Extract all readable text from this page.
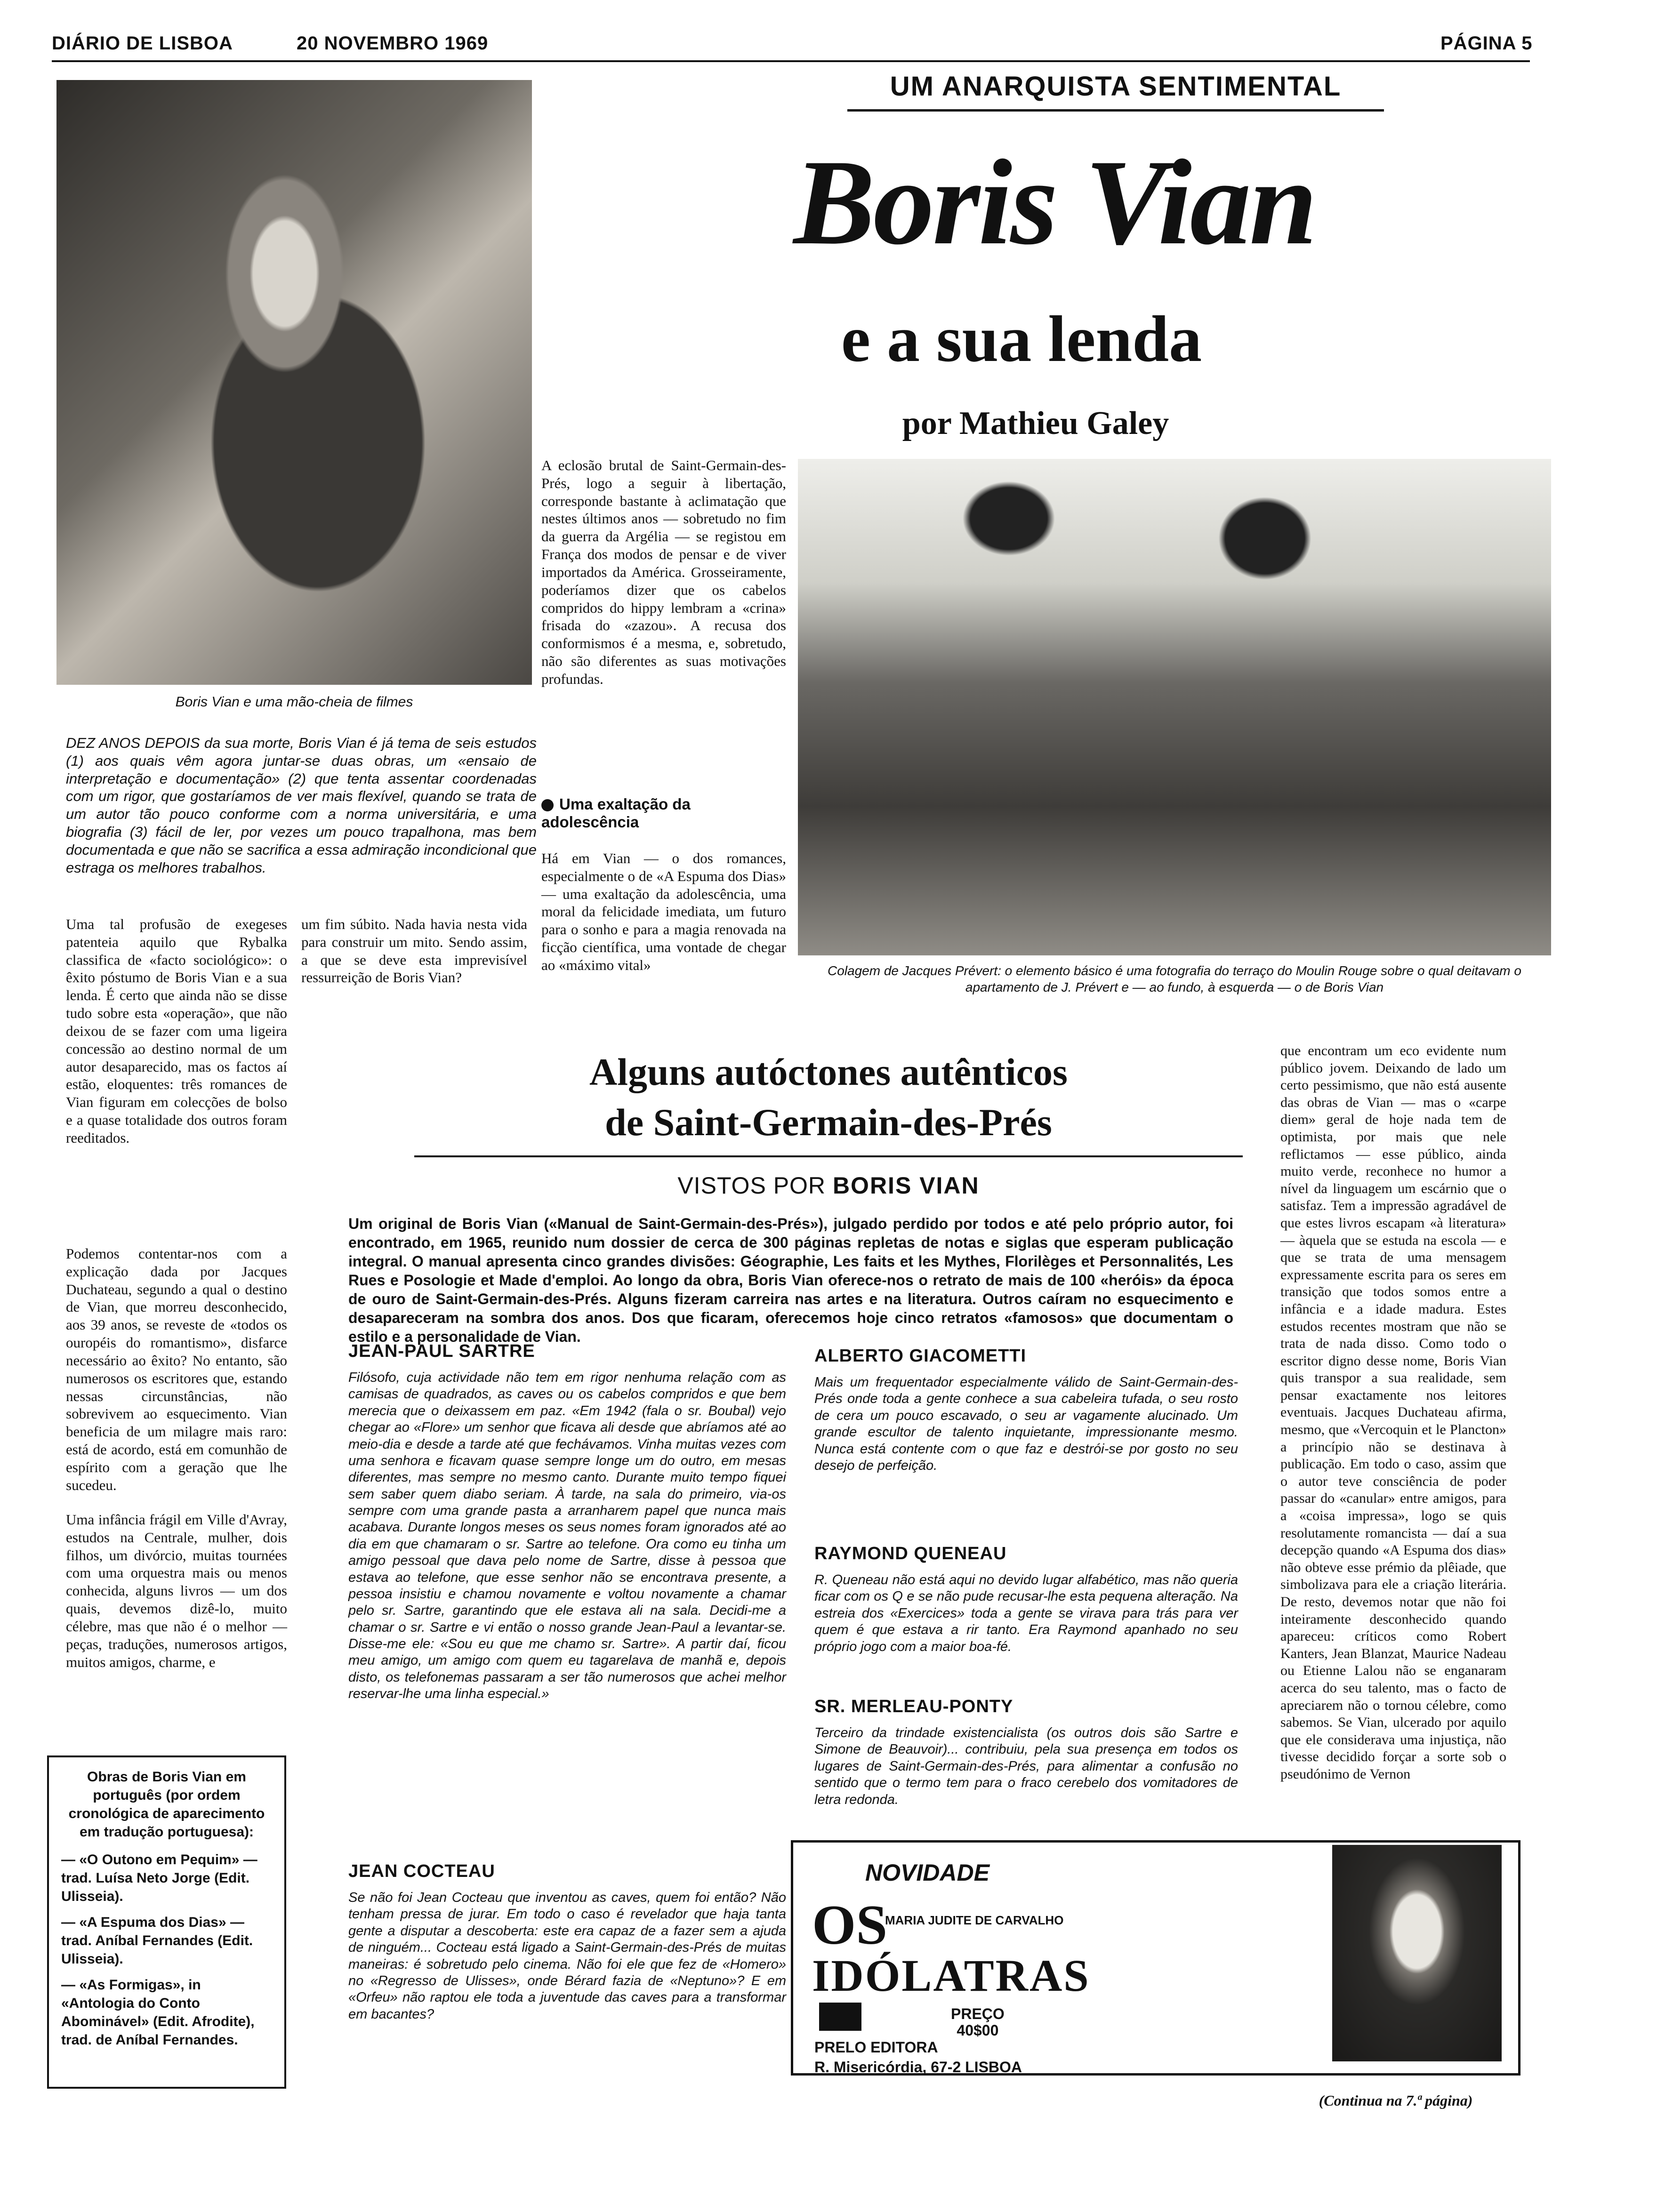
DIÁRIO DE LISBOA	20 NOVEMBRO 1969	PÁGINA 5
UM ANARQUISTA SENTIMENTAL
Boris Vian
e a sua lenda
por Mathieu Galey
Boris Vian e uma mão-cheia de filmes
DEZ ANOS DEPOIS da sua morte, Boris Vian é já tema de seis estudos (1) aos quais vêm agora juntar-se duas obras, um «ensaio de interpretação e documentação» (2) que tenta assentar coordenadas com um rigor, que gostaríamos de ver mais flexível, quando se trata de um autor tão pouco conforme com a norma universitária, e uma biografia (3) fácil de ler, por vezes um pouco trapalhona, mas bem documentada e que não se sacrifica a essa admiração incondicional que estraga os melhores trabalhos.
Uma tal profusão de exegeses patenteia aquilo que Rybalka classifica de «facto sociológico»: o êxito póstumo de Boris Vian e a sua lenda. É certo que ainda não se disse tudo sobre esta «operação», que não deixou de se fazer com uma ligeira concessão ao destino normal de um autor desaparecido, mas os factos aí estão, eloquentes: três romances de Vian figuram em colecções de bolso e a quase totalidade dos outros foram reeditados.
Podemos contentar-nos com a explicação dada por Jacques Duchateau, segundo a qual o destino de Vian, que morreu desconhecido, aos 39 anos, se reveste de «todos os ouropéis do romantismo», disfarce necessário ao êxito? No entanto, são numerosos os escritores que, estando nessas circunstâncias, não sobrevivem ao esquecimento. Vian beneficia de um milagre mais raro: está de acordo, está em comunhão de espírito com a geração que lhe sucedeu.
Uma infância frágil em Ville d'Avray, estudos na Centrale, mulher, dois filhos, um divórcio, muitas tournées com uma orquestra mais ou menos conhecida, alguns livros — um dos quais, devemos dizê-lo, muito célebre, mas que não é o melhor — peças, traduções, numerosos artigos, muitos amigos, charme, e
um fim súbito. Nada havia nesta vida para construir um mito. Sendo assim, a que se deve esta imprevisível ressurreição de Boris Vian?
A eclosão brutal de Saint-Germain-des-Prés, logo a seguir à libertação, corresponde bastante à aclimatação que nestes últimos anos — sobretudo no fim da guerra da Argélia — se registou em França dos modos de pensar e de viver importados da América. Grosseiramente, poderíamos dizer que os cabelos compridos do hippy lembram a «crina» frisada do «zazou». A recusa dos conformismos é a mesma, e, sobretudo, não são diferentes as suas motivações profundas.
Uma exaltação da adolescência
Há em Vian — o dos romances, especialmente o de «A Espuma dos Dias» — uma exaltação da adolescência, uma moral da felicidade imediata, um futuro para o sonho e para a magia renovada na ficção científica, uma vontade de chegar ao «máximo vital»	Colagem de Jacques Prévert: o elemento básico é uma fotografia do terraço do Moulin Rouge sobre o qual deitavam o apartamento de J. Prévert e — ao fundo, à esquerda — o de Boris Vian
Alguns autóctones autênticos
de Saint-Germain-des-Prés
VISTOS POR BORIS VIAN
Um original de Boris Vian («Manual de Saint-Germain-des-Prés»), julgado perdido por todos e até pelo próprio autor, foi encontrado, em 1965, reunido num dossier de cerca de 300 páginas repletas de notas e siglas que esperam publicação integral. O manual apresenta cinco grandes divisões: Géographie, Les faits et les Mythes, Florilèges et Personnalités, Les Rues e Posologie et Made d'emploi. Ao longo da obra, Boris Vian oferece-nos o retrato de mais de 100 «heróis» da época de ouro de Saint-Germain-des-Prés. Alguns fizeram carreira nas artes e na literatura. Outros caíram no esquecimento e desapareceram na sombra dos anos. Dos que ficaram, oferecemos hoje cinco retratos «famosos» que documentam o estilo e a personalidade de Vian.
JEAN-PAUL SARTRE
Filósofo, cuja actividade não tem em rigor nenhuma relação com as camisas de quadrados, as caves ou os cabelos compridos e que bem merecia que o deixassem em paz. «Em 1942 (fala o sr. Boubal) vejo chegar ao «Flore» um senhor que ficava ali desde que abríamos até ao meio-dia e desde a tarde até que fechávamos. Vinha muitas vezes com uma senhora e ficavam quase sempre longe um do outro, em mesas diferentes, mas sempre no mesmo canto. Durante muito tempo fiquei sem saber quem diabo seriam. À tarde, na sala do primeiro, via-os sempre com uma grande pasta a arranharem papel que nunca mais acabava. Durante longos meses os seus nomes foram ignorados até ao dia em que chamaram o sr. Sartre ao telefone. Ora como eu tinha um amigo pessoal que dava pelo nome de Sartre, disse à pessoa que estava ao telefone, que esse senhor não se encontrava presente, a pessoa insistiu e chamou novamente e voltou novamente a chamar pelo sr. Sartre, garantindo que ele estava ali na sala. Decidi-me a chamar o sr. Sartre e vi então o nosso grande Jean-Paul a levantar-se. Disse-me ele: «Sou eu que me chamo sr. Sartre». A partir daí, ficou meu amigo, um amigo com quem eu tagarelava de manhã e, depois disto, os telefonemas passaram a ser tão numerosos que achei melhor reservar-lhe uma linha especial.»
JEAN COCTEAU
Se não foi Jean Cocteau que inventou as caves, quem foi então? Não tenham pressa de jurar. Em todo o caso é revelador que haja tanta gente a disputar a descoberta: este era capaz de a fazer sem a ajuda de ninguém... Cocteau está ligado a Saint-Germain-des-Prés de muitas maneiras: é sobretudo pelo cinema. Não foi ele que fez de «Homero» no «Regresso de Ulisses», onde Bérard fazia de «Neptuno»? E em «Orfeu» não raptou ele toda a juventude das caves para a transformar em bacantes?
ALBERTO GIACOMETTI
Mais um frequentador especialmente válido de Saint-Germain-des-Prés onde toda a gente conhece a sua cabeleira tufada, o seu rosto de cera um pouco escavado, o seu ar vagamente alucinado. Um grande escultor de talento inquietante, impressionante mesmo. Nunca está contente com o que faz e destrói-se por gosto no seu desejo de perfeição.
RAYMOND QUENEAU
R. Queneau não está aqui no devido lugar alfabético, mas não queria ficar com os Q e se não pude recusar-lhe esta pequena alteração. Na estreia dos «Exercices» toda a gente se virava para trás para ver quem é que estava a rir tanto. Era Raymond apanhado no seu próprio jogo com a maior boa-fé.
SR. MERLEAU-PONTY
Terceiro da trindade existencialista (os outros dois são Sartre e Simone de Beauvoir)... contribuiu, pela sua presença em todos os lugares de Saint-Germain-des-Prés, para alimentar a confusão no sentido que o termo tem para o fraco cerebelo dos vomitadores de letra redonda.
que encontram um eco evidente num público jovem. Deixando de lado um certo pessimismo, que não está ausente das obras de Vian — mas o «carpe diem» geral de hoje nada tem de optimista, por mais que nele reflictamos — esse público, ainda muito verde, reconhece no humor a nível da linguagem um escárnio que o satisfaz. Tem a impressão agradável de que estes livros escapam «à literatura» — àquela que se estuda na escola — e que se trata de uma mensagem expressamente escrita para os seres em transição que todos somos entre a infância e a idade madura. Estes estudos recentes mostram que não se trata de nada disso. Como todo o escritor digno desse nome, Boris Vian quis transpor a sua realidade, sem pensar exactamente nos leitores eventuais. Jacques Duchateau afirma, mesmo, que «Vercoquin et le Plancton» a princípio não se destinava à publicação. Em todo o caso, assim que o autor teve consciência de poder passar do «canular» entre amigos, para a «coisa impressa», logo se quis resolutamente romancista — daí a sua decepção quando «A Espuma dos dias» não obteve esse prémio da plêiade, que simbolizava para ele a criação literária. De resto, devemos notar que não foi inteiramente desconhecido quando apareceu: críticos como Robert Kanters, Jean Blanzat, Maurice Nadeau ou Etienne Lalou não se enganaram acerca do seu talento, mas o facto de apreciarem não o tornou célebre, como sabemos. Se Vian, ulcerado por aquilo que ele considerava uma injustiça, não tivesse decidido forçar a sorte sob o pseudónimo de Vernon
(Continua na 7.ª página)
Obras de Boris Vian em português (por ordem cronológica de aparecimento em tradução portuguesa):
— «O Outono em Pequim» — trad. Luísa Neto Jorge (Edit. Ulisseia).
— «A Espuma dos Dias» — trad. Aníbal Fernandes (Edit. Ulisseia).
— «As Formigas», in «Antologia do Conto Abominável» (Edit. Afrodite), trad. de Aníbal Fernandes.
NOVIDADE
OS
MARIA JUDITE DE CARVALHO
IDÓLATRAS
PREÇO
40$00
PRELO EDITORA
R. Misericórdia, 67-2 LISBOA
